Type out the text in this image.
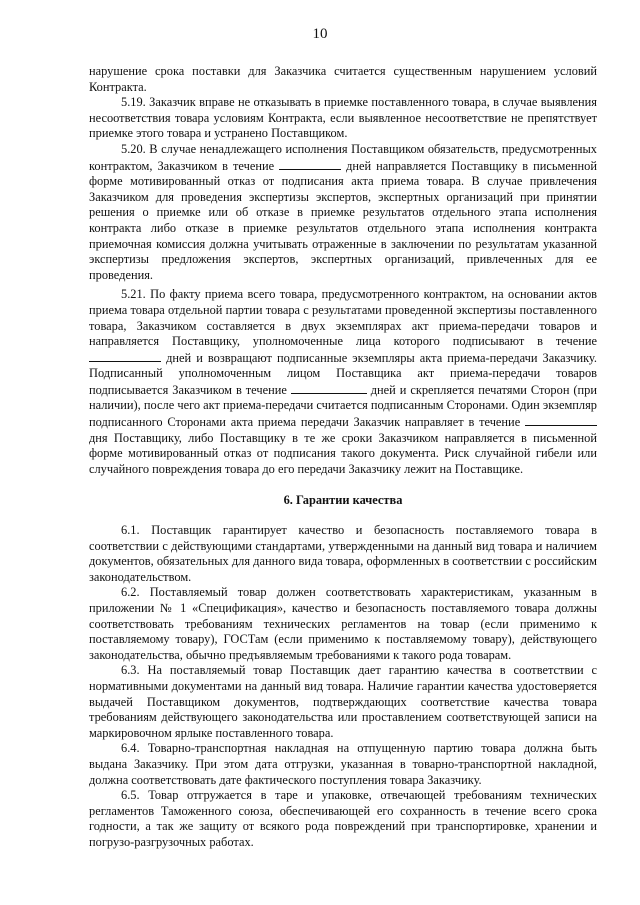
10

нарушение срока поставки для Заказчика считается существенным нарушением условий Контракта.

5.19. Заказчик вправе не отказывать в приемке поставленного товара, в случае выявления несоответствия товара условиям Контракта, если выявленное несоответствие не препятствует приемке этого товара и устранено Поставщиком.

5.20. В случае ненадлежащего исполнения Поставщиком обязательств, предусмотренных контрактом, Заказчиком в течение	дней направляется Поставщику в письменной форме мотивированный отказ от подписания акта приема товара. В случае привлечения Заказчиком для проведения экспертизы экспертов, экспертных организаций при принятии решения о приемке или об отказе в приемке результатов отдельного этапа исполнения контракта либо отказе в приемке результатов отдельного этапа исполнения контракта приемочная комиссия должна учитывать отраженные в заключении по результатам указанной экспертизы предложения экспертов, экспертных организаций, привлеченных для ее проведения.

5.21. По факту приема всего товара, предусмотренного контрактом, на основании актов приема товара отдельной партии товара с результатами проведенной экспертизы поставленного товара, Заказчиком составляется в двух экземплярах акт приема-передачи товаров и направляется Поставщику, уполномоченные лица которого подписывают в течение  дней и возвращают подписанные экземпляры акта приема-передачи Заказчику. Подписанный уполномоченным лицом Поставщика акт приема-передачи товаров подписывается Заказчиком в течение	дней и скрепляется печатями Сторон (при наличии), после чего акт приема-передачи считается подписанным Сторонами. Один экземпляр подписанного Сторонами акта приема передачи Заказчик направляет в течение  дня Поставщику, либо Поставщику в те же сроки Заказчиком направляется в письменной форме мотивированный отказ от подписания такого документа. Риск случайной гибели или случайного повреждения товара до его передачи Заказчику лежит на Поставщике.

6. Гарантии качества

6.1. Поставщик гарантирует качество и безопасность поставляемого товара в соответствии с действующими стандартами, утвержденными на данный вид товара и наличием документов, обязательных для данного вида товара, оформленных в соответствии с российским законодательством.

6.2. Поставляемый товар должен соответствовать характеристикам, указанным в приложении № 1 «Спецификация», качество и безопасность поставляемого товара должны соответствовать требованиям технических регламентов на товар (если применимо к поставляемому товару), ГОСТам (если применимо к поставляемому товару), действующего законодательства, обычно предъявляемым требованиями к такого рода товарам.

6.3. На поставляемый товар Поставщик дает гарантию качества в соответствии с нормативными документами на данный вид товара. Наличие гарантии качества удостоверяется выдачей Поставщиком документов, подтверждающих соответствие качества товара требованиям действующего законодательства или проставлением соответствующей записи на маркировочном ярлыке поставленного товара.

6.4. Товарно-транспортная накладная на отпущенную партию товара должна быть выдана Заказчику. При этом дата отгрузки, указанная в товарно-транспортной накладной, должна соответствовать дате фактического поступления товара Заказчику.

6.5. Товар отгружается в таре и упаковке, отвечающей требованиям технических регламентов Таможенного союза, обеспечивающей его сохранность в течение всего срока годности, а так же защиту от всякого рода повреждений при транспортировке, хранении и погрузо-разгрузочных работах.
